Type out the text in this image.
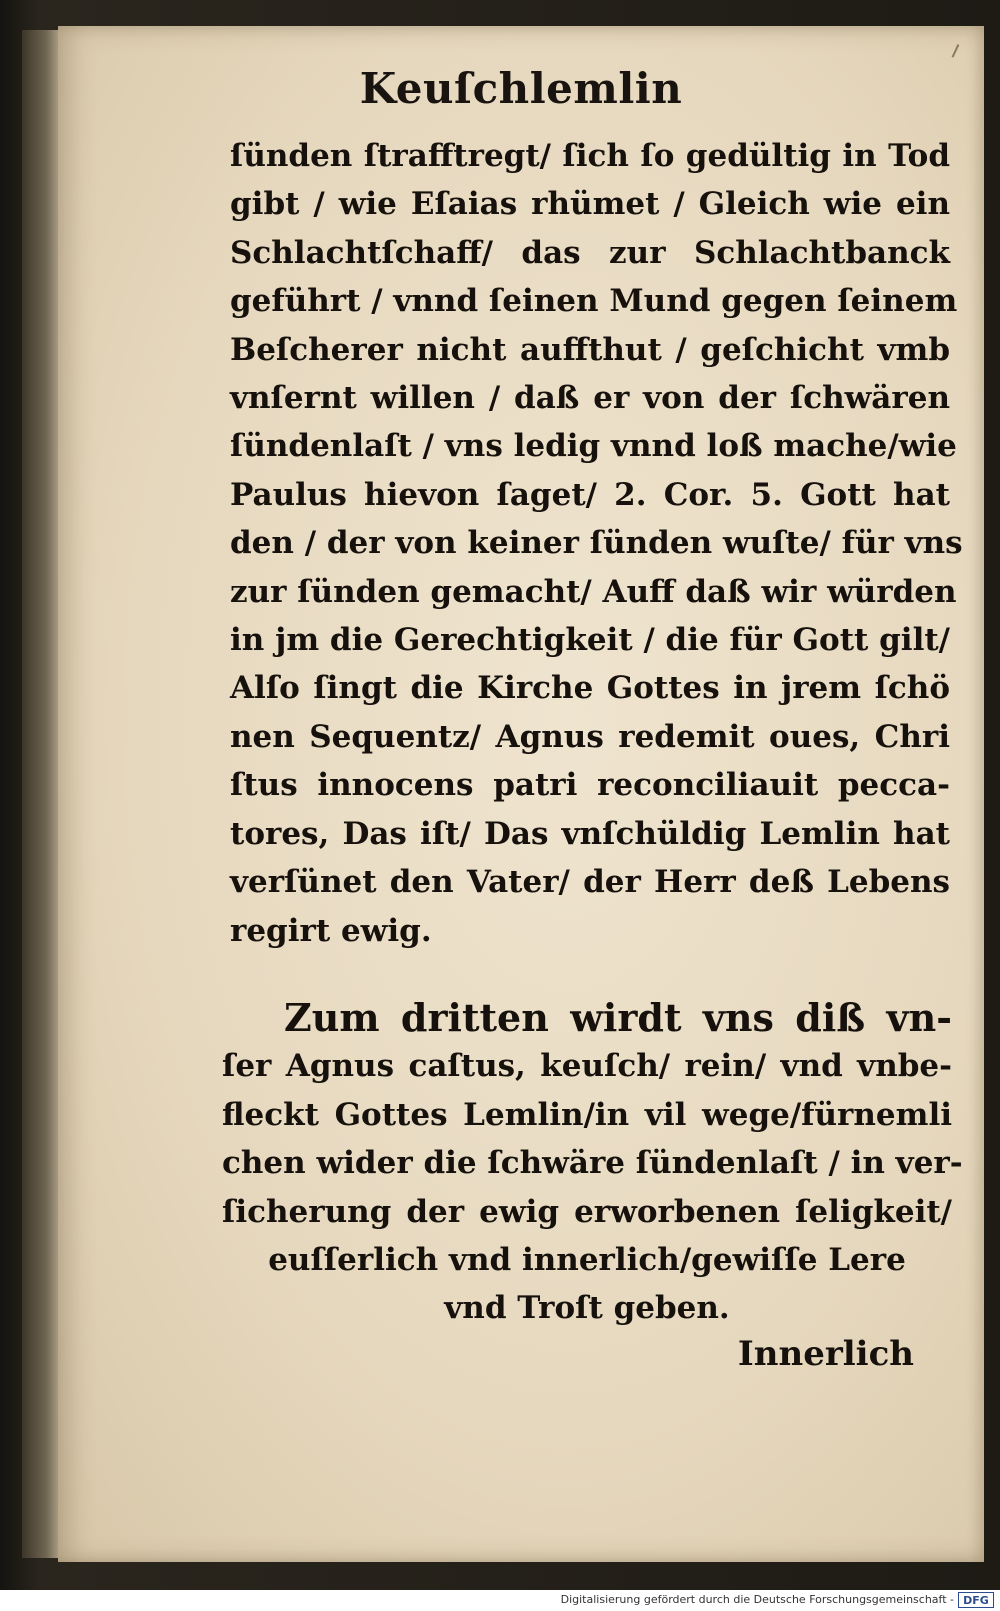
Keuſchlemlin
ſünden ſtrafftregt/ ſich ſo gedültig in Tod
gibt / wie Eſaias rhümet / Gleich wie ein
Schlachtſchaff/ das zur Schlachtbanck
geführt / vnnd ſeinen Mund gegen ſeinem
Beſcherer nicht auffthut / geſchicht vmb
vnſernt willen / daß er von der ſchwären
ſündenlaſt / vns ledig vnnd loß mache/wie
Paulus hievon ſaget/ 2. Cor. 5. Gott hat
den / der von keiner ſünden wuſte/ für vns
zur ſünden gemacht/ Auff daß wir würden
in jm die Gerechtigkeit / die für Gott gilt/
Alſo ſingt die Kirche Gottes in jrem ſchö
nen Sequentz/ Agnus redemit oues, Chri
ſtus innocens patri reconciliauit pecca-
tores, Das iſt/ Das vnſchüldig Lemlin hat
verſünet den Vater/ der Herr deß Lebens
regirt ewig.
Zum dritten wirdt vns diß vn-
ſer Agnus caſtus, keuſch/ rein/ vnd vnbe-
fleckt Gottes Lemlin/in vil wege/fürnemli
chen wider die ſchwäre ſündenlaſt / in ver-
ſicherung der ewig erworbenen ſeligkeit/
euſſerlich vnd innerlich/gewiſſe Lere
vnd Troſt geben.
Innerlich
Digitalisierung gefördert durch die Deutsche Forschungsgemeinschaft - DFG
